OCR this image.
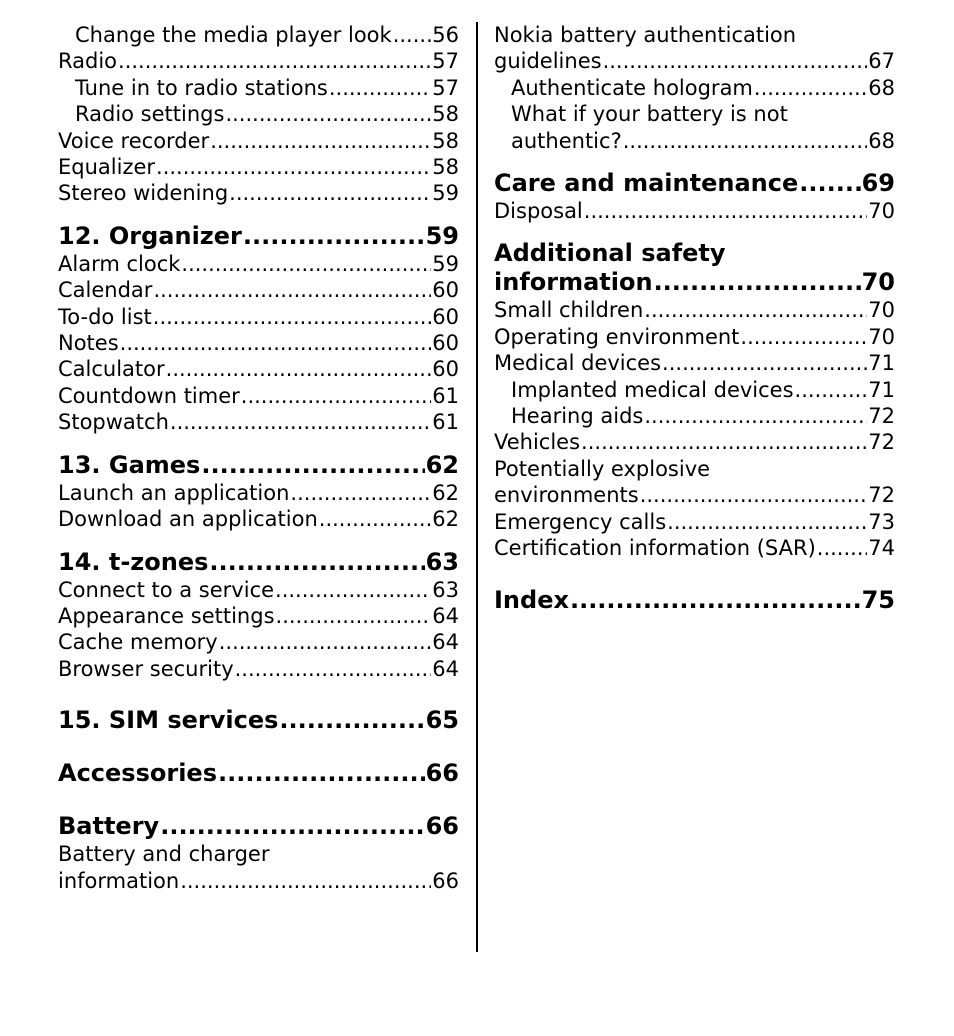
Change the media player look ..... 56
Radio .....	57
Tune in to radio stations .....	57
Radio settings .....	58
Voice recorder .....	58
Equalizer .....	58
Stereo widening .....	59
12. Organizer .....	59
Alarm clock .....	59
Calendar .....	60
To-do list .....	60
Notes .....	60
Calculator .....	60
Countdown timer .....	61
Stopwatch .....	61
13. Games .....	62
Launch an application .....	62
Download an application .....	62
14. t-zones .....	63
Connect to a service .....	63
Appearance settings .....	64
Cache memory .....	64
Browser security .....	64
15. SIM services .....	65
Accessories .....	66
Battery .....	66
Battery and charger
information .....	66
Nokia battery authentication
guidelines .....	67
Authenticate hologram .....	68
What if your battery is not
authentic? .....	68
Care and maintenance .....	69
Disposal .....	70
Additional safety
information .....	70
Small children .....	70
Operating environment .....	70
Medical devices .....	71
Implanted medical devices .....	71
Hearing aids .....	72
Vehicles .....	72
Potentially explosive
environments .....	72
Emergency calls .....	73
Certification information (SAR) ..... 74
Index .....	75
